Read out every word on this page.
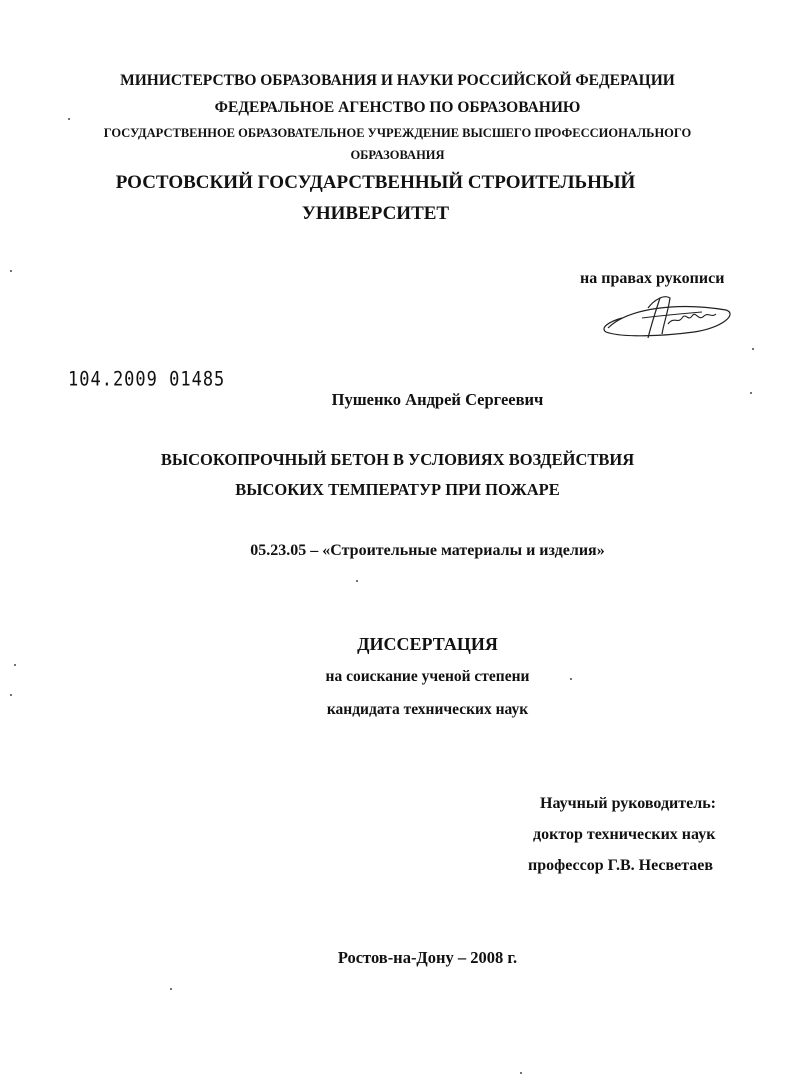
МИНИСТЕРСТВО ОБРАЗОВАНИЯ И НАУКИ РОССИЙСКОЙ ФЕДЕРАЦИИ
ФЕДЕРАЛЬНОЕ АГЕНСТВО ПО ОБРАЗОВАНИЮ
ГОСУДАРСТВЕННОЕ ОБРАЗОВАТЕЛЬНОЕ УЧРЕЖДЕНИЕ ВЫСШЕГО ПРОФЕССИОНАЛЬНОГО
ОБРАЗОВАНИЯ
РОСТОВСКИЙ ГОСУДАРСТВЕННЫЙ СТРОИТЕЛЬНЫЙ
УНИВЕРСИТЕТ
на правах рукописи
104.2009 01485
Пушенко Андрей Сергеевич
ВЫСОКОПРОЧНЫЙ БЕТОН В УСЛОВИЯХ ВОЗДЕЙСТВИЯ
ВЫСОКИХ ТЕМПЕРАТУР ПРИ ПОЖАРЕ
05.23.05 – «Строительные материалы и изделия»
ДИССЕРТАЦИЯ
на соискание ученой степени
кандидата технических наук
Научный руководитель:
доктор технических наук
профессор Г.В. Несветаев
Ростов-на-Дону – 2008 г.
